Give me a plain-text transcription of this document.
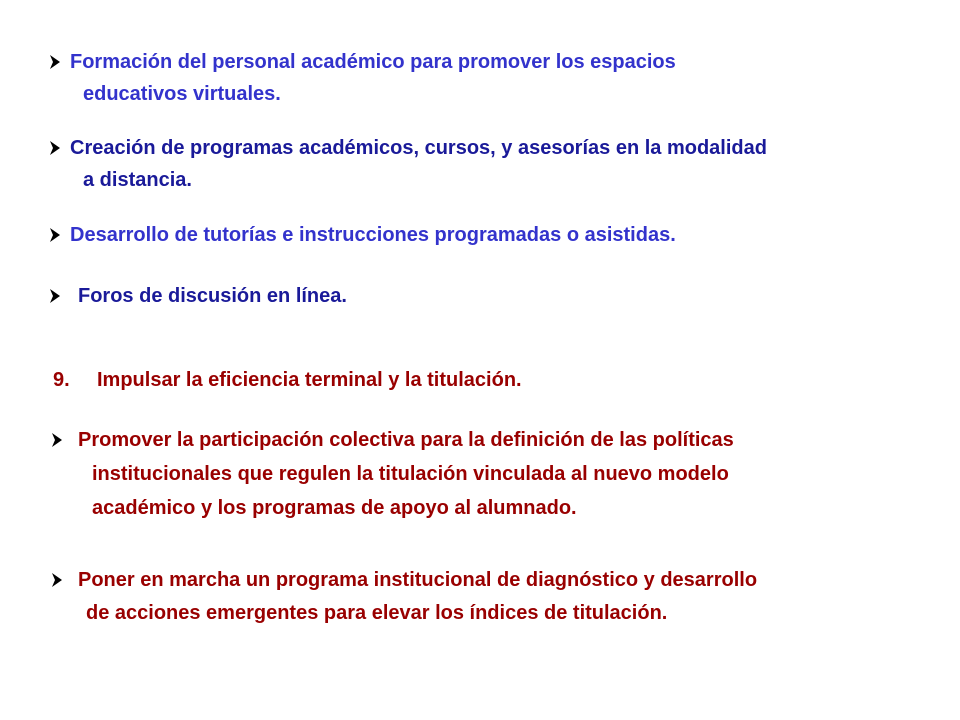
Formación del personal académico para promover los espacios
educativos virtuales.
Creación de programas académicos, cursos, y asesorías en la modalidad
a distancia.
Desarrollo de tutorías e instrucciones programadas o asistidas.
Foros de discusión en línea.
9. Impulsar la eficiencia terminal y la titulación.
Promover la participación colectiva para la definición de las políticas
institucionales que regulen la titulación vinculada al nuevo modelo
académico y los programas de apoyo al alumnado.
Poner en marcha un programa institucional de diagnóstico y desarrollo
de acciones emergentes para elevar los índices de titulación.
